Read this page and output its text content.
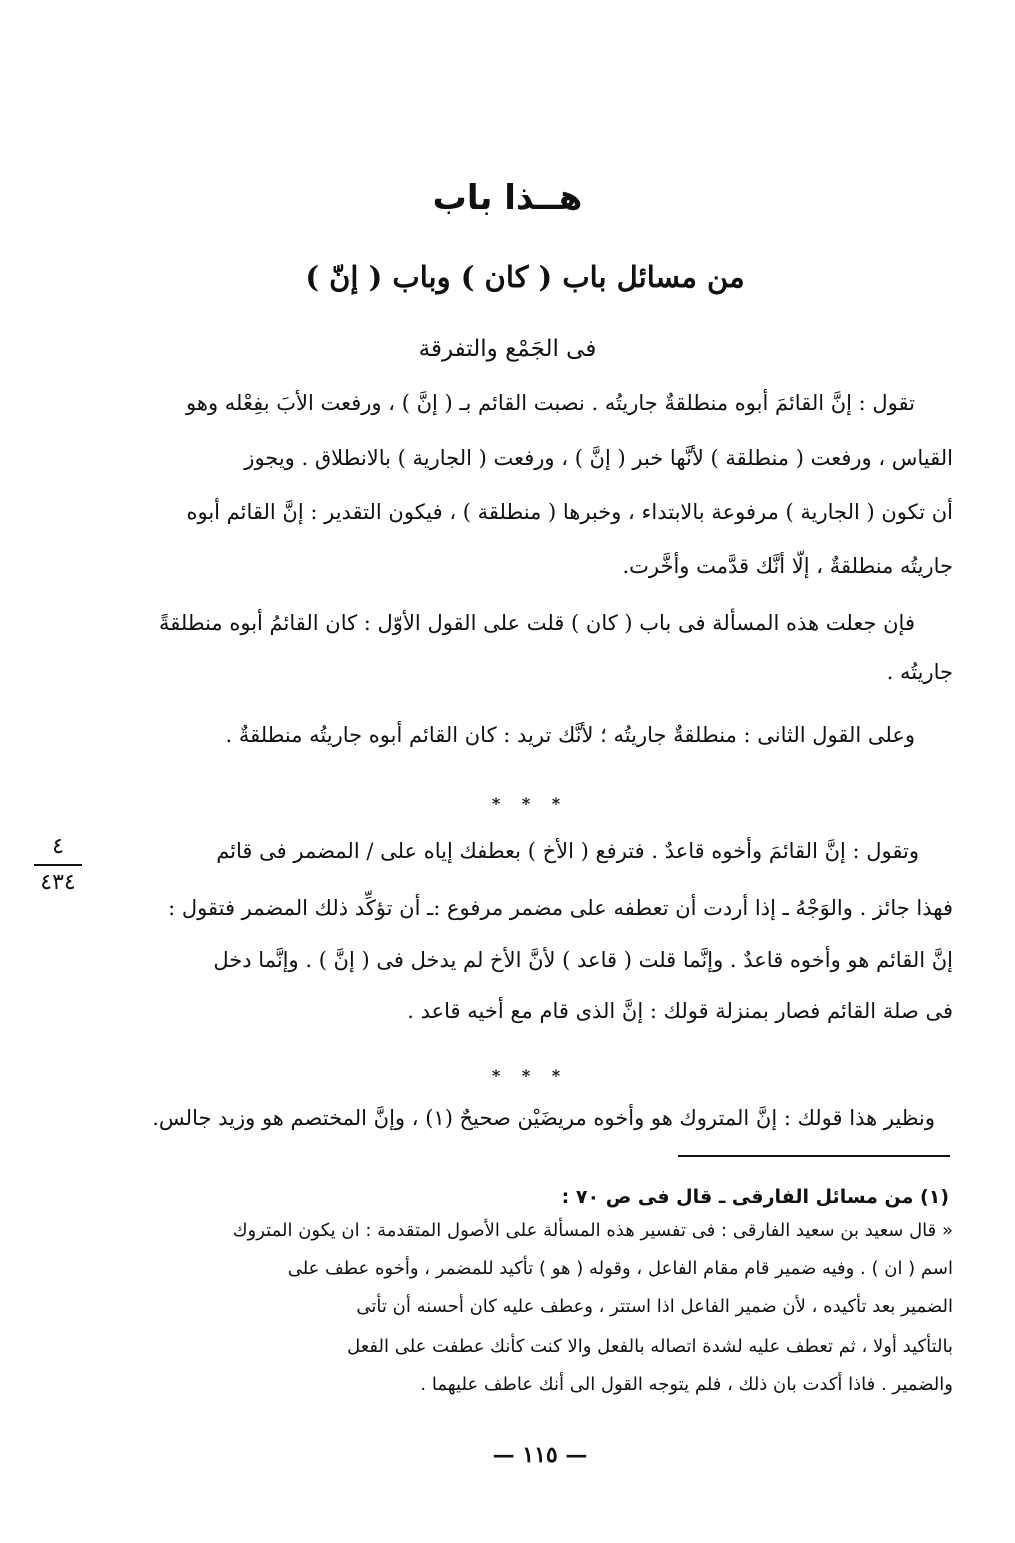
هــذا باب
من مسائل باب ( كان ) وباب ( إنّ )
فى الجَمْع والتفرقة
تقول : إنَّ القائمَ أبوه منطلقةٌ جاريتُه . نصبت القائم بـ ( إنَّ ) ، ورفعت الأبَ بفِعْله وهو
القياس ، ورفعت ( منطلقة ) لأنَّها خبر ( إنَّ ) ، ورفعت ( الجارية ) بالانطلاق . ويجوز
أن تكون ( الجارية ) مرفوعة بالابتداء ، وخبرها ( منطلقة ) ، فيكون التقدير : إنَّ القائم أبوه
جاريتُه منطلقةٌ ، إلّا أنَّك قدَّمت وأخَّرت.
فإن جعلت هذه المسألة فى باب ( كان ) قلت على القول الأوّل : كان القائمُ أبوه منطلقةً
جاريتُه .
وعلى القول الثانى : منطلقةٌ جاريتُه ؛ لأنَّك تريد : كان القائم أبوه جاريتُه منطلقةٌ .
* * *
وتقول : إنَّ القائمَ وأخوه قاعدٌ . فترفع ( الأخ ) بعطفك إياه على / المضمر فى قائم
فهذا جائز . والوَجْهُ ـ إذا أردت أن تعطفه على مضمر مرفوع :ـ أن تؤكِّد ذلك المضمر فتقول :
إنَّ القائم هو وأخوه قاعدٌ . وإنَّما قلت ( قاعد ) لأنَّ الأخ لم يدخل فى ( إنَّ ) . وإنَّما دخل
فى صلة القائم فصار بمنزلة قولك : إنَّ الذى قام مع أخيه قاعد .
٤
٤٣٤
* * *
ونظير هذا قولك : إنَّ المتروك هو وأخوه مريضَيْن صحيحٌ (١) ، وإنَّ المختصم هو وزيد جالس.
(١) من مسائل الفارقى ـ قال فى ص ٧٠ :
« قال سعيد بن سعيد الفارقى : فى تفسير هذه المسألة على الأصول المتقدمة : ان يكون المتروك
اسم ( ان ) . وفيه ضمير قام مقام الفاعل ، وقوله ( هو ) تأكيد للمضمر ، وأخوه عطف على
الضمير بعد تأكيده ، لأن ضمير الفاعل اذا استتر ، وعطف عليه كان أحسنه أن تأتى
بالتأكيد أولا ، ثم تعطف عليه لشدة اتصاله بالفعل والا كنت كأنك عطفت على الفعل
والضمير . فاذا أكدت بان ذلك ، فلم يتوجه القول الى أنك عاطف عليهما .
— ١١٥ —
